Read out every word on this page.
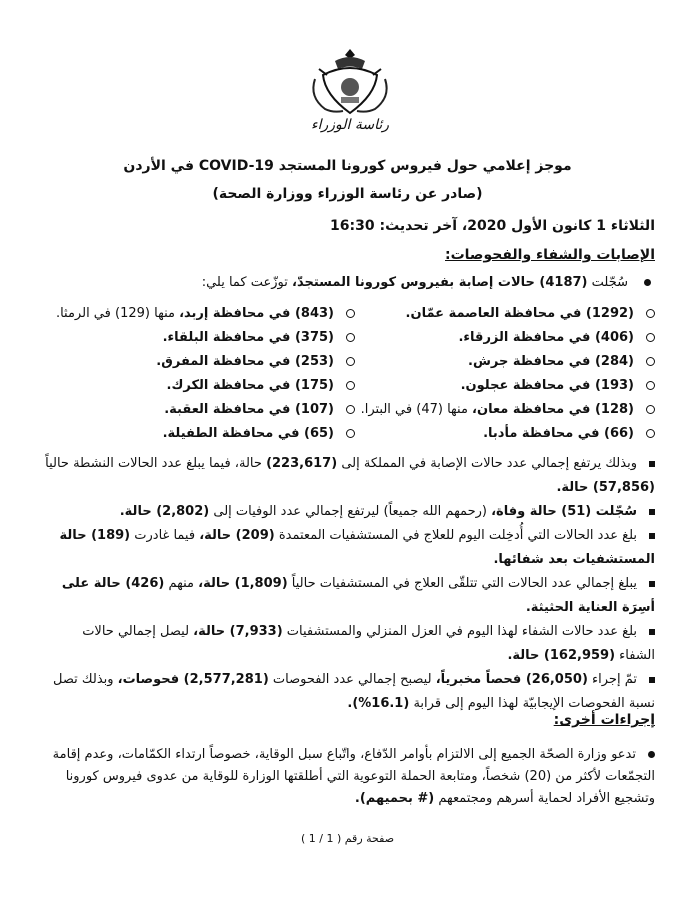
رئاسة الوزراء
موجز إعلامي حول فيروس كورونا المستجد COVID-19 في الأردن
(صادر عن رئاسة الوزراء ووزارة الصحة)
الثلاثاء 1 كانون الأول 2020، آخر تحديث: 16:30
الإصابات والشفاء والفحوصات:
سُجّلت (4187) حالات إصابة بفيروس كورونا المستجدّ، توزّعت كما يلي:
(1292) في محافظة العاصمة عمّان.
(843) في محافظة إربد، منها (129) في الرمثا.
(406) في محافظة الزرقاء.
(375) في محافظة البلقاء.
(284) في محافظة جرش.
(253) في محافظة المفرق.
(193) في محافظة عجلون.
(175) في محافظة الكرك.
(128) في محافظة معان، منها (47) في البترا.
(107) في محافظة العقبة.
(66) في محافظة مأدبا.
(65) في محافظة الطفيلة.
وبذلك يرتفع إجمالي عدد حالات الإصابة في المملكة إلى (223,617) حالة، فيما يبلغ عدد الحالات النشطة حالياً (57,856) حالة.
سُجّلت (51) حالة وفاة، (رحمهم الله جميعاً) ليرتفع إجمالي عدد الوفيات إلى (2,802) حالة.
بلغ عدد الحالات التي أُدخِلت اليوم للعلاج في المستشفيات المعتمدة (209) حالة، فيما غادرت (189) حالة المستشفيات بعد شفائها.
يبلغ إجمالي عدد الحالات التي تتلقّى العلاج في المستشفيات حالياً (1,809) حالة، منهم (426) حالة على أسِرَة العناية الحثيثة.
بلغ عدد حالات الشفاء لهذا اليوم في العزل المنزلي والمستشفيات (7,933) حالة، ليصل إجمالي حالات الشفاء (162,959) حالة.
تمّ إجراء (26,050) فحصاً مخبرياً، ليصبح إجمالي عدد الفحوصات (2,577,281) فحوصات، وبذلك تصل نسبة الفحوصات الإيجابيّة لهذا اليوم إلى قرابة (16.1%).
إجراءات أخرى:
تدعو وزارة الصحّة الجميع إلى الالتزام بأوامر الدّفاع، واتّباع سبل الوقاية، خصوصاً ارتداء الكمّامات، وعدم إقامة التجمّعات لأكثر من (20) شخصاً، ومتابعة الحملة التوعوية التي أطلقتها الوزارة للوقاية من عدوى فيروس كورونا وتشجيع الأفراد لحماية أسرهم ومجتمعهم (# بحميهم).
صفحة رقم ( 1 / 1 )
